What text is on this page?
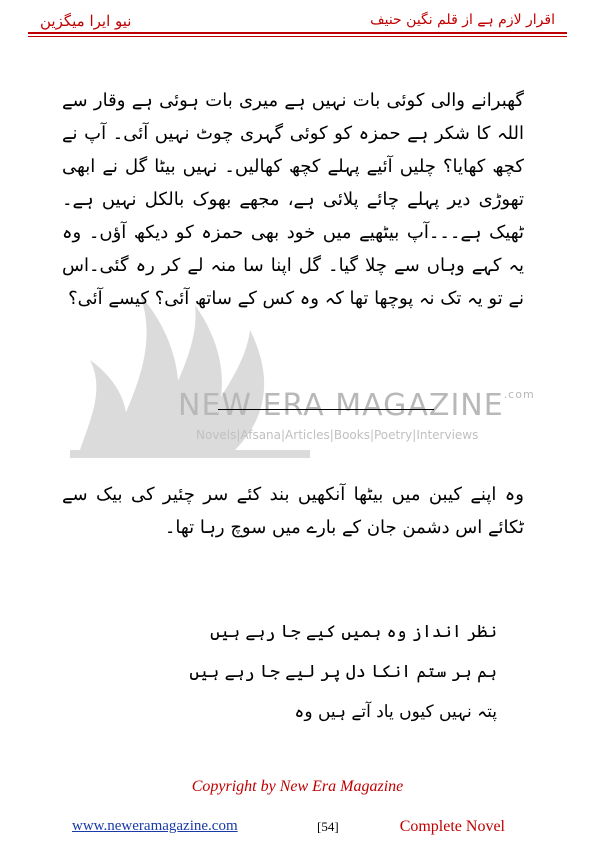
نیو ایرا میگزین	اقرار لازم ہے از قلم نگین حنیف
NEW ERA $MAGAZINE^{.com}$
Novels|Afsana|Articles|Books|Poetry|Interviews
گھبرانے والی کوئی بات نہیں ہے میری بات ہوئی ہے وقار سے اللہ کا شکر ہے حمزہ کو کوئی گہری چوٹ نہیں آئی۔ آپ نے کچھ کھایا؟ چلیں آئیے پہلے کچھ کھالیں۔ نہیں بیٹا گل نے ابھی تھوڑی دیر پہلے چائے پلائی ہے، مجھے بھوک بالکل نہیں ہے۔ ٹھیک ہے۔۔۔آپ بیٹھیے میں خود بھی حمزہ کو دیکھ آؤں۔ وہ یہ کہے وہاں سے چلا گیا۔ گل اپنا سا منہ لے کر رہ گئی۔اس نے تو یہ تک نہ پوچھا تھا کہ وہ کس کے ساتھ آئی؟ کیسے آئی؟
وہ اپنے کیبن میں بیٹھا آنکھیں بند کئے سر چئیر کی بیک سے ٹکائے اس دشمن جان کے بارے میں سوچ رہا تھا۔
نظر انداز وہ ہمیں کیے جا رہے ہیں
ہم ہر ستم انکا دل پر لیے جا رہے ہیں
پتہ نہیں کیوں یاد آتے ہیں وہ
Copyright by New Era Magazine
www.neweramagazine.com	[54]	Complete Novel
